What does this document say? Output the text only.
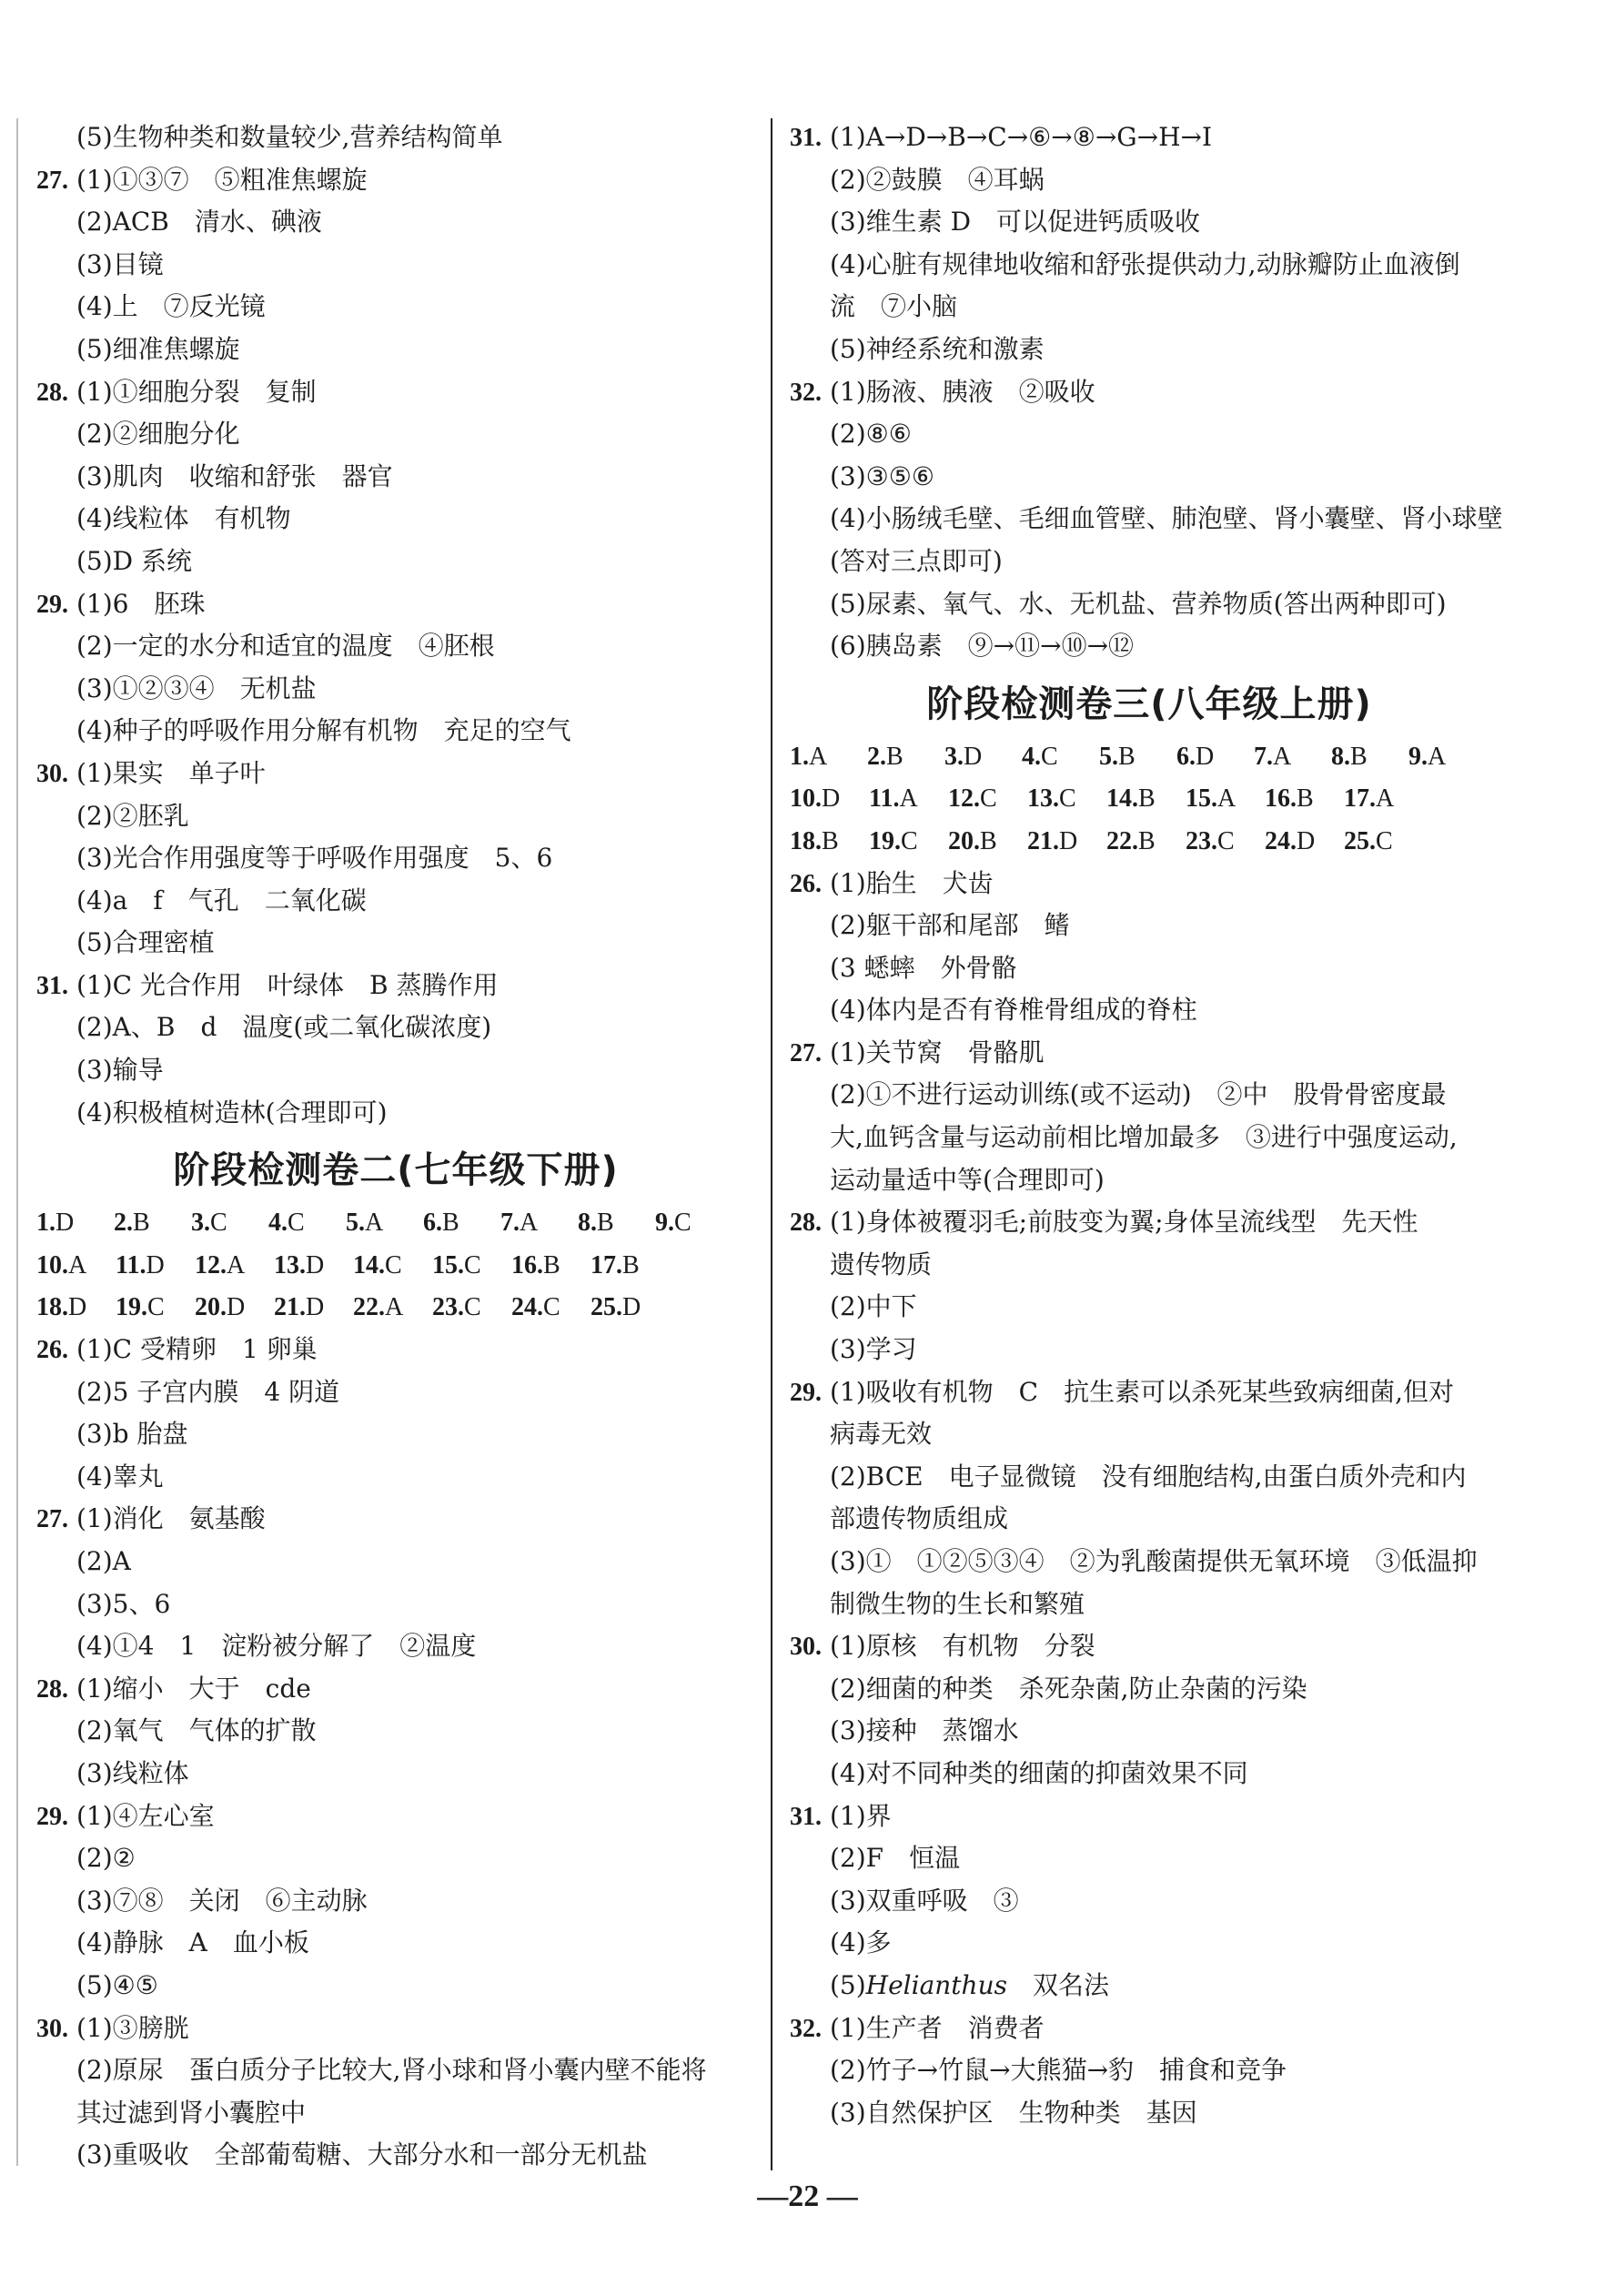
(5)生物种类和数量较少,营养结构简单
27. (1)①③⑦　⑤粗准焦螺旋
(2)ACB　清水、碘液
(3)目镜
(4)上　⑦反光镜
(5)细准焦螺旋
28. (1)①细胞分裂　复制
(2)②细胞分化
(3)肌肉　收缩和舒张　器官
(4)线粒体　有机物
(5)D 系统
29. (1)6　胚珠
(2)一定的水分和适宜的温度　④胚根
(3)①②③④　无机盐
(4)种子的呼吸作用分解有机物　充足的空气
30. (1)果实　单子叶
(2)②胚乳
(3)光合作用强度等于呼吸作用强度　5、6
(4)a　f　气孔　二氧化碳
(5)合理密植
31. (1)C 光合作用　叶绿体　B 蒸腾作用
(2)A、B　d　温度(或二氧化碳浓度)
(3)输导
(4)积极植树造林(合理即可)
阶段检测卷二(七年级下册)
1.D	2.B	3.C	4.C	5.A	6.B	7.A	8.B	9.C
10.A	11.D	12.A	13.D	14.C	15.C	16.B	17.B
18.D	19.C	20.D	21.D	22.A	23.C	24.C	25.D
26. (1)C 受精卵　1 卵巢
(2)5 子宫内膜　4 阴道
(3)b 胎盘
(4)睾丸
27. (1)消化　氨基酸
(2)A
(3)5、6
(4)①4　1　淀粉被分解了　②温度
28. (1)缩小　大于　cde
(2)氧气　气体的扩散
(3)线粒体
29. (1)④左心室
(2)②
(3)⑦⑧　关闭　⑥主动脉
(4)静脉　A　血小板
(5)④⑤
30. (1)③膀胱
(2)原尿　蛋白质分子比较大,肾小球和肾小囊内壁不能将
其过滤到肾小囊腔中
(3)重吸收　全部葡萄糖、大部分水和一部分无机盐
31. (1)A→D→B→C→⑥→⑧→G→H→I
(2)②鼓膜　④耳蜗
(3)维生素 D　可以促进钙质吸收
(4)心脏有规律地收缩和舒张提供动力,动脉瓣防止血液倒
流　⑦小脑
(5)神经系统和激素
32. (1)肠液、胰液　②吸收
(2)⑧⑥
(3)③⑤⑥
(4)小肠绒毛壁、毛细血管壁、肺泡壁、肾小囊壁、肾小球壁
(答对三点即可)
(5)尿素、氧气、水、无机盐、营养物质(答出两种即可)
(6)胰岛素　⑨→⑪→⑩→⑫
阶段检测卷三(八年级上册)
1.A	2.B	3.D	4.C	5.B	6.D	7.A	8.B	9.A
10.D	11.A	12.C	13.C	14.B	15.A	16.B	17.A
18.B	19.C	20.B	21.D	22.B	23.C	24.D	25.C
26. (1)胎生　犬齿
(2)躯干部和尾部　鳍
(3 蟋蟀　外骨骼
(4)体内是否有脊椎骨组成的脊柱
27. (1)关节窝　骨骼肌
(2)①不进行运动训练(或不运动)　②中　股骨骨密度最
大,血钙含量与运动前相比增加最多　③进行中强度运动,
运动量适中等(合理即可)
28. (1)身体被覆羽毛;前肢变为翼;身体呈流线型　先天性
遗传物质
(2)中下
(3)学习
29. (1)吸收有机物　C　抗生素可以杀死某些致病细菌,但对
病毒无效
(2)BCE　电子显微镜　没有细胞结构,由蛋白质外壳和内
部遗传物质组成
(3)①　①②⑤③④　②为乳酸菌提供无氧环境　③低温抑
制微生物的生长和繁殖
30. (1)原核　有机物　分裂
(2)细菌的种类　杀死杂菌,防止杂菌的污染
(3)接种　蒸馏水
(4)对不同种类的细菌的抑菌效果不同
31. (1)界
(2)F　恒温
(3)双重呼吸　③
(4)多
(5)Helianthus　双名法
32. (1)生产者　消费者
(2)竹子→竹鼠→大熊猫→豹　捕食和竞争
(3)自然保护区　生物种类　基因
—22 —
